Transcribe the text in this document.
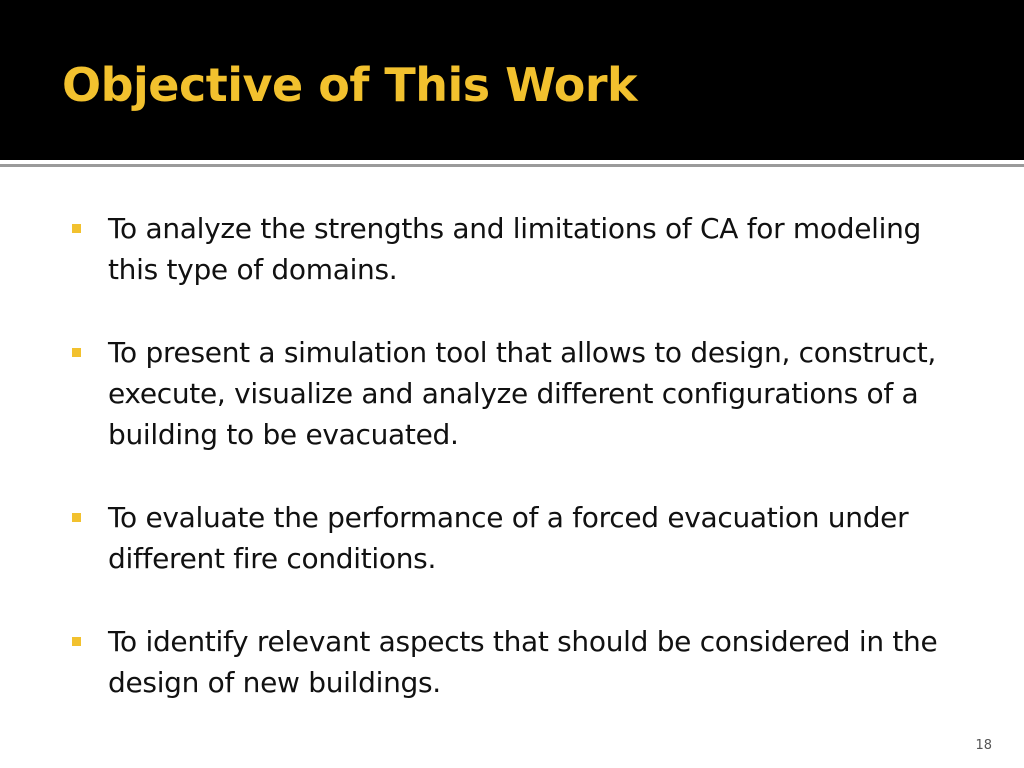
Objective of This Work
To analyze the strengths and limitations of CA for modeling this type of domains.
To present a simulation tool that allows to design, construct, execute, visualize and analyze different configurations of a building to be evacuated.
To evaluate the performance of a forced evacuation under different fire conditions.
To identify relevant aspects that should be considered in the design of new buildings.
18
